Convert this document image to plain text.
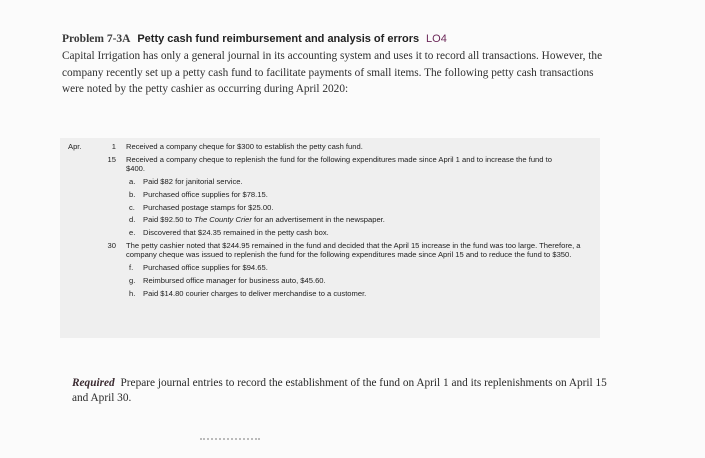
Problem 7-3A Petty cash fund reimbursement and analysis of errors LO4
Capital Irrigation has only a general journal in its accounting system and uses it to record all transactions. However, the company recently set up a petty cash fund to facilitate payments of small items. The following petty cash transactions were noted by the petty cashier as occurring during April 2020:
Apr.	1 Received a company cheque for $300 to establish the petty cash fund.
15 Received a company cheque to replenish the fund for the following expenditures made since April 1 and to increase the fund to $400.
a.	Paid $82 for janitorial service.
b.	Purchased office supplies for $78.15.
c.	Purchased postage stamps for $25.00.
d.	Paid $92.50 to The County Crier for an advertisement in the newspaper.
e.	Discovered that $24.35 remained in the petty cash box.
30 The petty cashier noted that $244.95 remained in the fund and decided that the April 15 increase in the fund was too large. Therefore, a company cheque was issued to replenish the fund for the following expenditures made since April 15 and to reduce the fund to $350.
f.	Purchased office supplies for $94.65.
g.	Reimbursed office manager for business auto, $45.60.
h.	Paid $14.80 courier charges to deliver merchandise to a customer.
Required Prepare journal entries to record the establishment of the fund on April 1 and its replenishments on April 15 and April 30.
